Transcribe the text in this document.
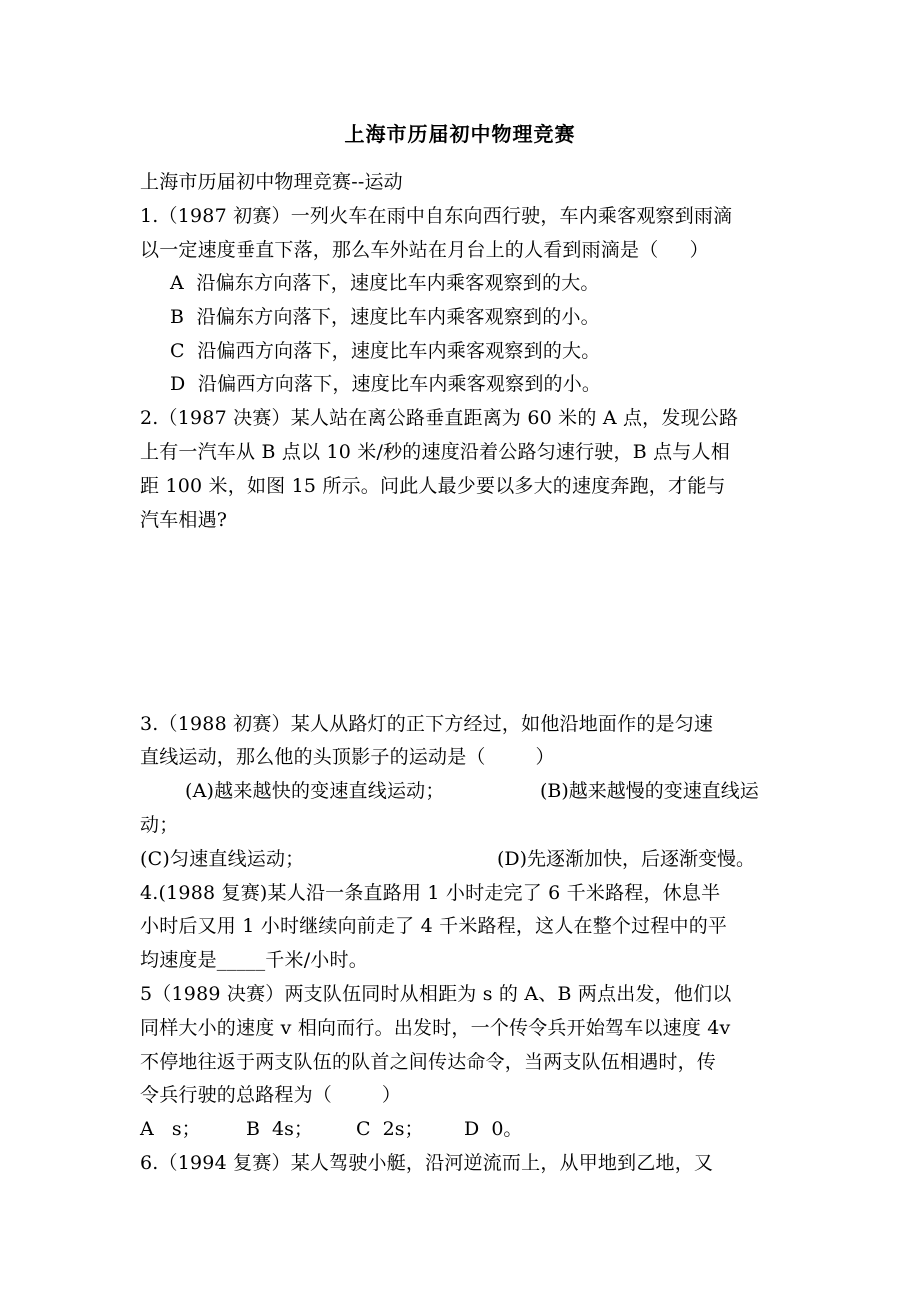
上海市历届初中物理竞赛
上海市历届初中物理竞赛--运动
1.（1987 初赛）一列火车在雨中自东向西行驶，车内乘客观察到雨滴
以一定速度垂直下落，那么车外站在月台上的人看到雨滴是（     ）
A  沿偏东方向落下，速度比车内乘客观察到的大。
B  沿偏东方向落下，速度比车内乘客观察到的小。
C  沿偏西方向落下，速度比车内乘客观察到的大。
D  沿偏西方向落下，速度比车内乘客观察到的小。
2.（1987 决赛）某人站在离公路垂直距离为 60 米的 A 点，发现公路
上有一汽车从 B 点以 10 米/秒的速度沿着公路匀速行驶，B 点与人相
距 100 米，如图 15 所示。问此人最少要以多大的速度奔跑，才能与
汽车相遇?
3.（1988 初赛）某人从路灯的正下方经过，如他沿地面作的是匀速
直线运动，那么他的头顶影子的运动是（        ）
(A)越来越快的变速直线运动；	(B)越来越慢的变速直线运
动；
(C)匀速直线运动；	(D)先逐渐加快，后逐渐变慢。
4.(1988 复赛)某人沿一条直路用 1 小时走完了 6 千米路程，休息半
小时后又用 1 小时继续向前走了 4 千米路程，这人在整个过程中的平
均速度是_____千米/小时。
5（1989 决赛）两支队伍同时从相距为 s 的 A、B 两点出发，他们以
同样大小的速度 v 相向而行。出发时，一个传令兵开始驾车以速度 4v
不停地往返于两支队伍的队首之间传达命令，当两支队伍相遇时，传
令兵行驶的总路程为（        ）
A   s； B  4s； C  2s； D  0。
6.（1994 复赛）某人驾驶小艇，沿河逆流而上，从甲地到乙地，又
